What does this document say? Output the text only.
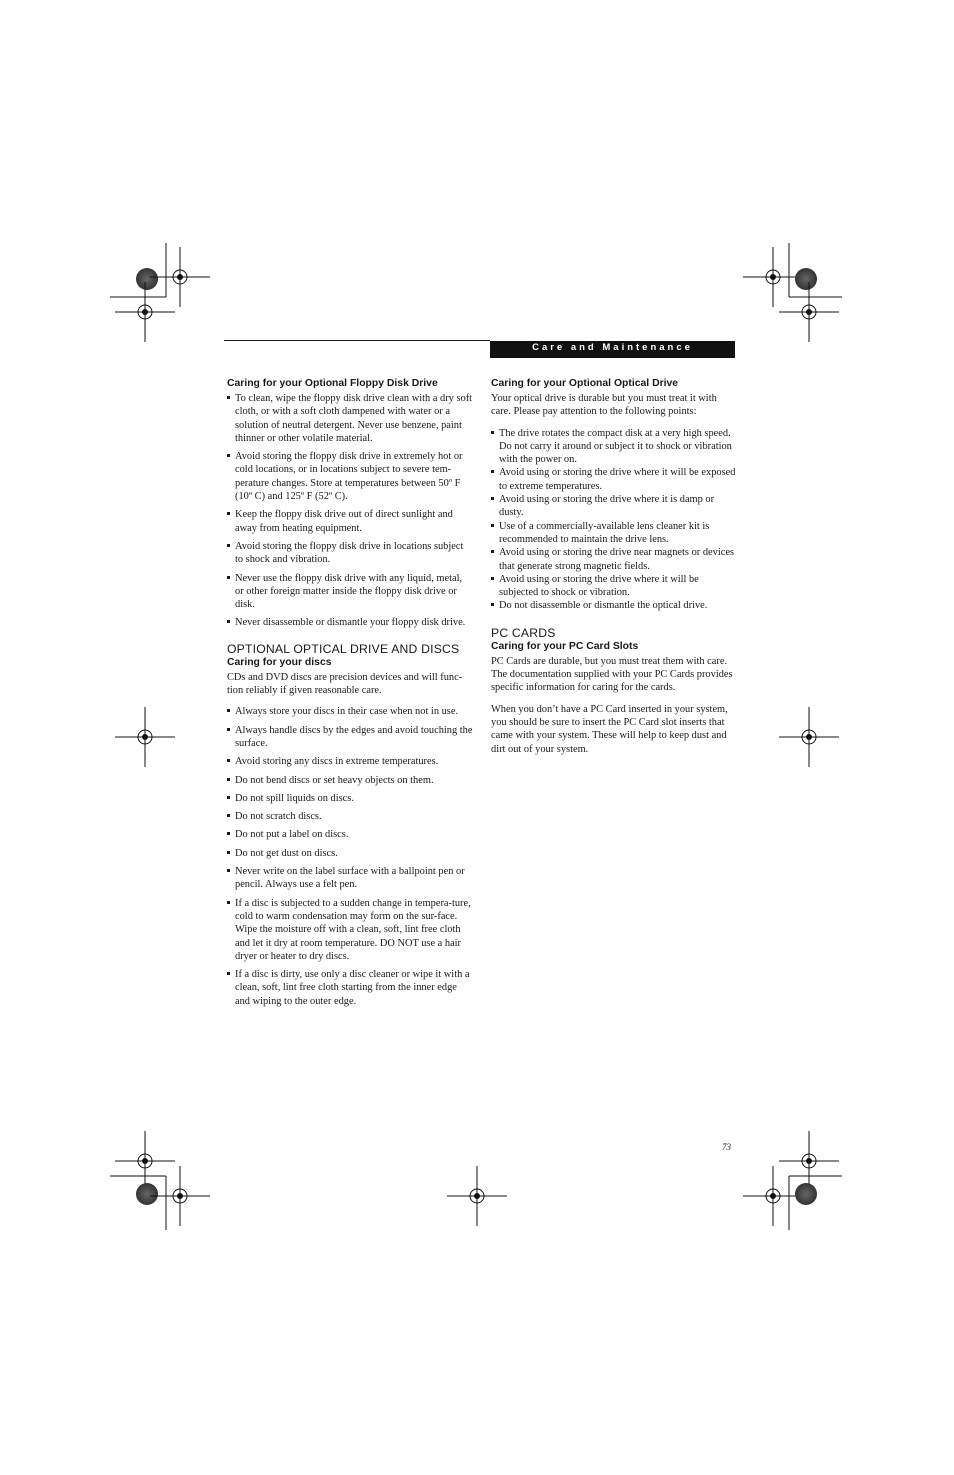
Care and Maintenance
Caring for your Optional Floppy Disk Drive
To clean, wipe the floppy disk drive clean with a dry soft cloth, or with a soft cloth dampened with water or a solution of neutral detergent. Never use benzene, paint thinner or other volatile material.
Avoid storing the floppy disk drive in extremely hot or cold locations, or in locations subject to severe tem-perature changes. Store at temperatures between 50º F (10º C) and 125º F (52º C).
Keep the floppy disk drive out of direct sunlight and away from heating equipment.
Avoid storing the floppy disk drive in locations subject to shock and vibration.
Never use the floppy disk drive with any liquid, metal, or other foreign matter inside the floppy disk drive or disk.
Never disassemble or dismantle your floppy disk drive.
OPTIONAL OPTICAL DRIVE AND DISCS
Caring for your discs

CDs and DVD discs are precision devices and will func-tion reliably if given reasonable care.

Always store your discs in their case when not in use.
Always handle discs by the edges and avoid touching the surface.
Avoid storing any discs in extreme temperatures.
Do not bend discs or set heavy objects on them.
Do not spill liquids on discs.
Do not scratch discs.
Do not put a label on discs.
Do not get dust on discs.
Never write on the label surface with a ballpoint pen or pencil. Always use a felt pen.
If a disc is subjected to a sudden change in tempera-ture, cold to warm condensation may form on the sur-face. Wipe the moisture off with a clean, soft, lint free cloth and let it dry at room temperature. DO NOT use a hair dryer or heater to dry discs.
If a disc is dirty, use only a disc cleaner or wipe it with a clean, soft, lint free cloth starting from the inner edge and wiping to the outer edge.
Caring for your Optional Optical Drive

Your optical drive is durable but you must treat it with care. Please pay attention to the following points:

The drive rotates the compact disk at a very high speed. Do not carry it around or subject it to shock or vibration with the power on.
Avoid using or storing the drive where it will be exposed to extreme temperatures.
Avoid using or storing the drive where it is damp or dusty.
Use of a commercially-available lens cleaner kit is recommended to maintain the drive lens.
Avoid using or storing the drive near magnets or devices that generate strong magnetic fields.
Avoid using or storing the drive where it will be subjected to shock or vibration.
Do not disassemble or dismantle the optical drive.
PC CARDS
Caring for your PC Card Slots

PC Cards are durable, but you must treat them with care. The documentation supplied with your PC Cards provides specific information for caring for the cards.

When you don’t have a PC Card inserted in your system, you should be sure to insert the PC Card slot inserts that came with your system. These will help to keep dust and dirt out of your system.

73
